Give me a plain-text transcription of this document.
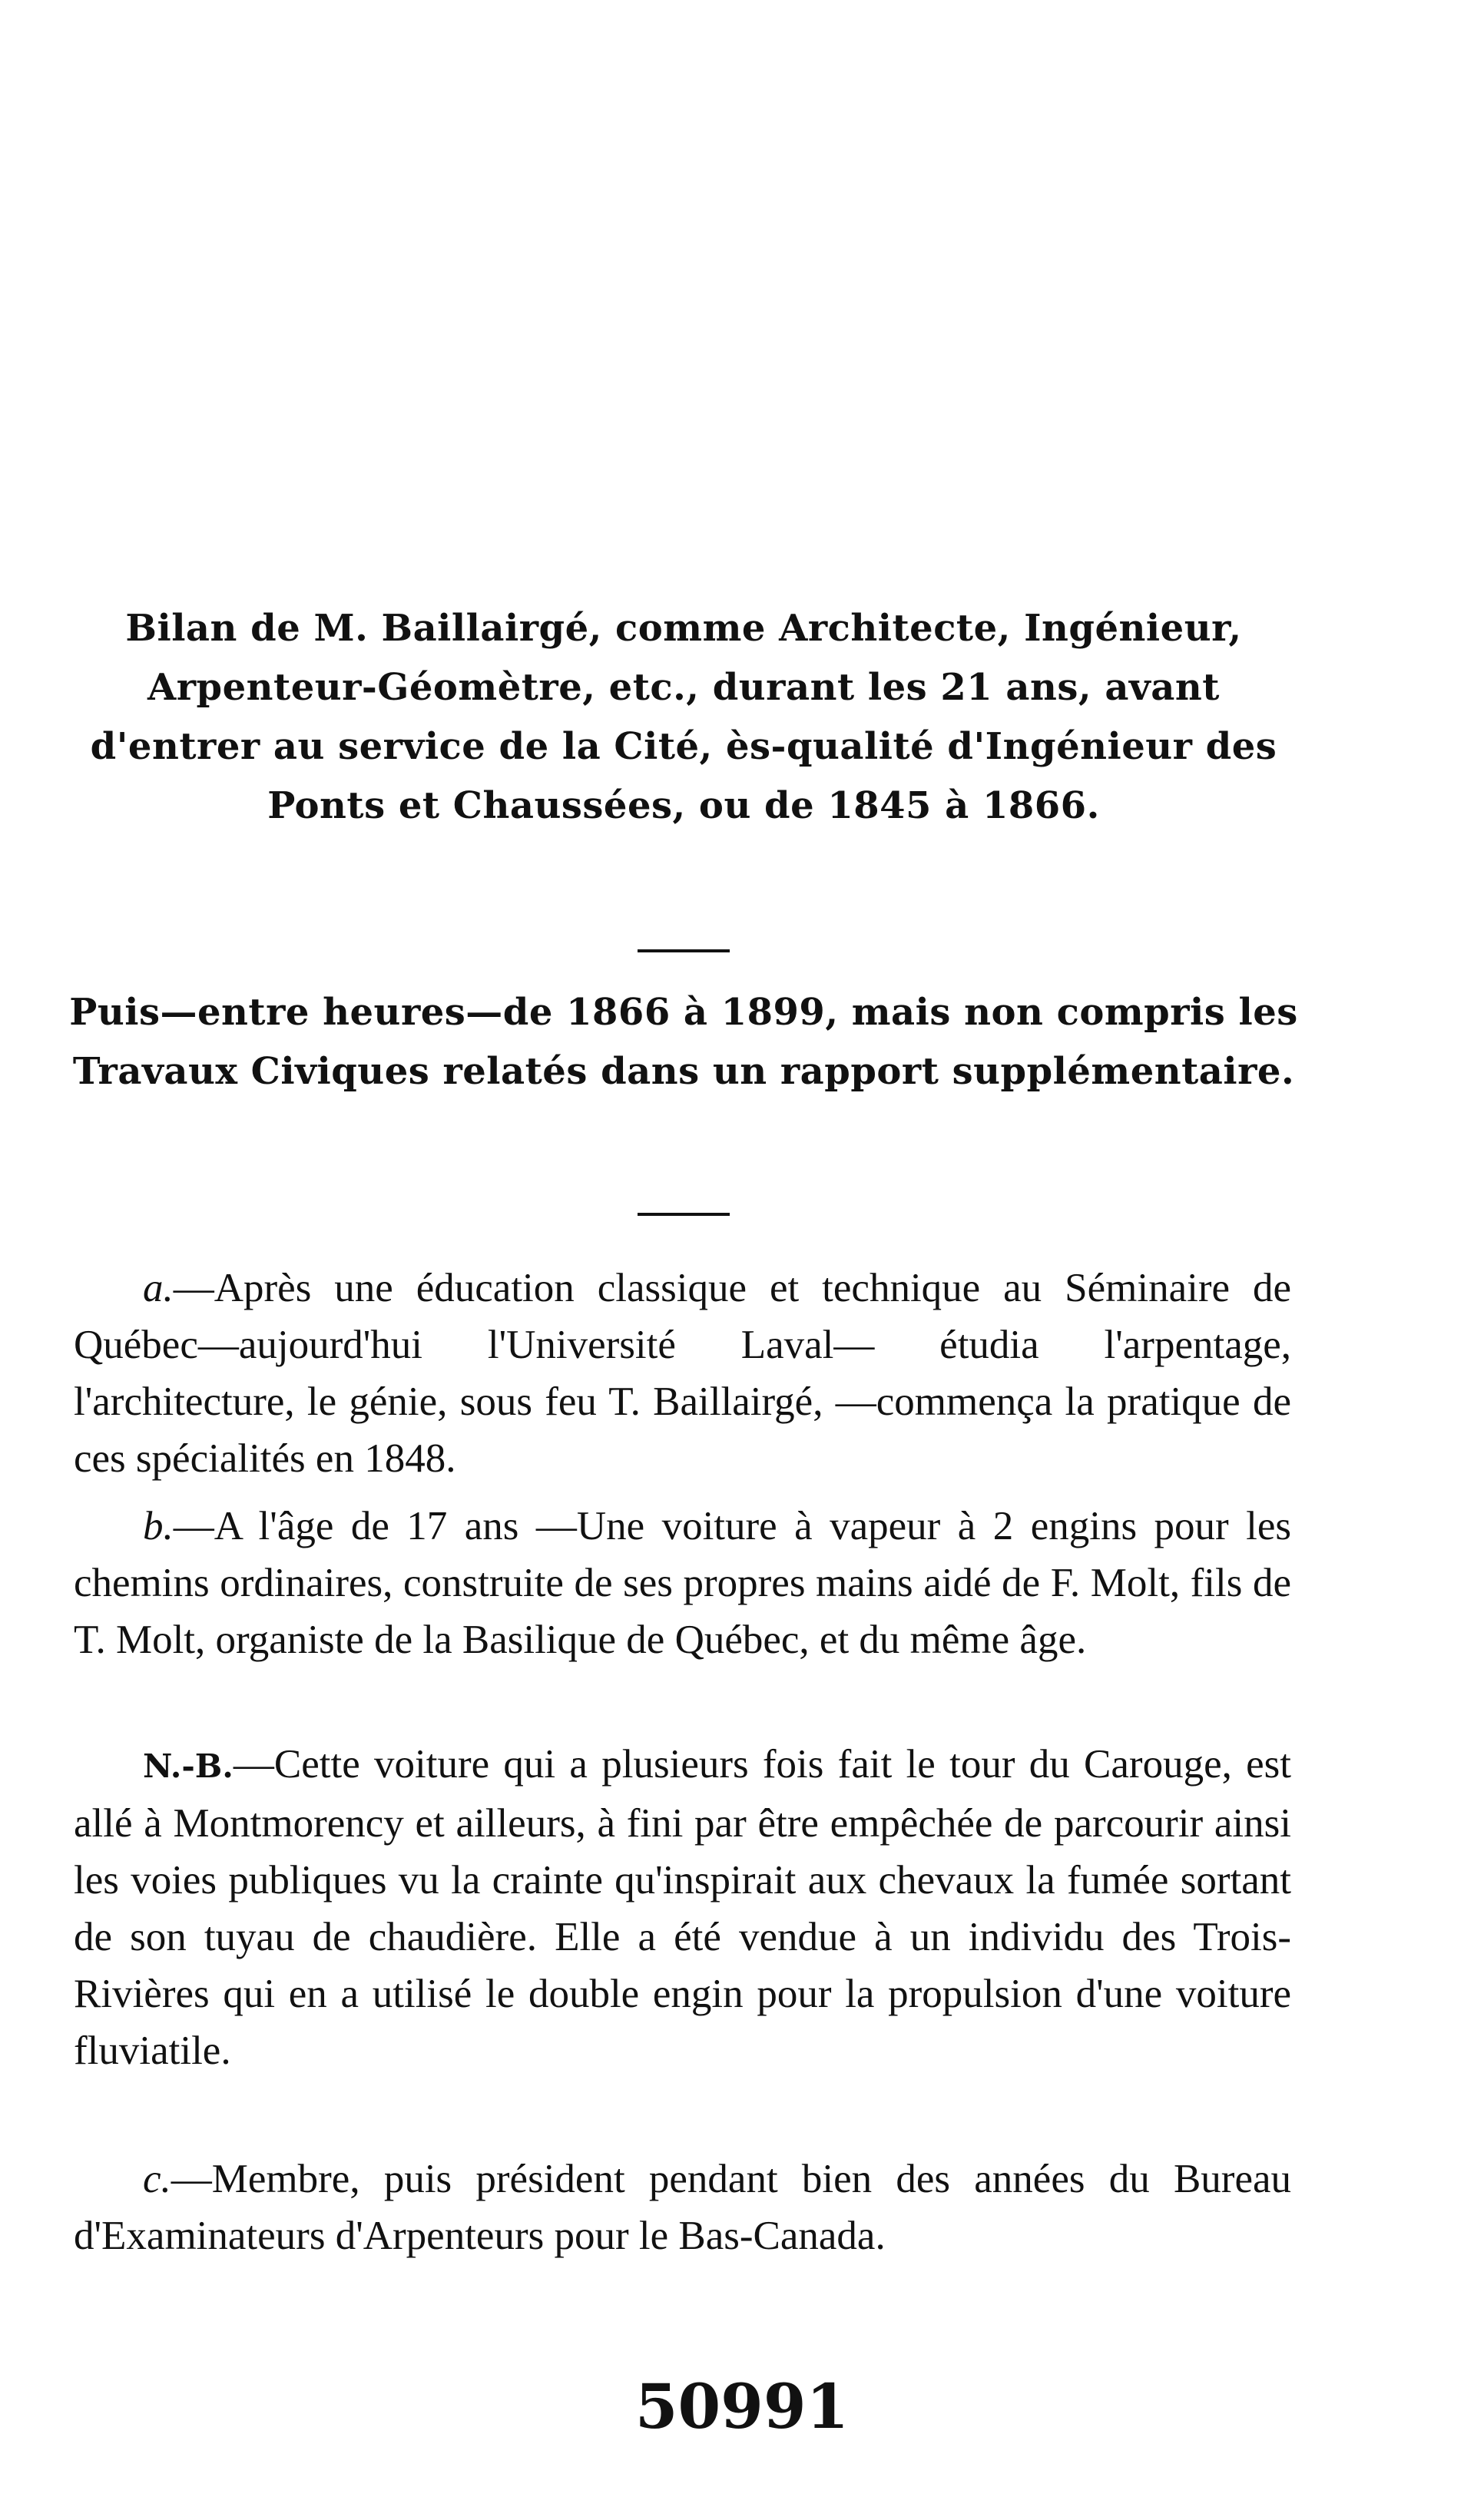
Bilan de M. Baillairgé, comme Architecte, Ingénieur, Arpenteur-Géomètre, etc., durant les 21 ans, avant d'entrer au service de la Cité, ès-qualité d'Ingénieur des Ponts et Chaussées, ou de 1845 à 1866.

Puis—entre heures—de 1866 à 1899, mais non compris les Travaux Civiques relatés dans un rapport supplémentaire.

a.—Après une éducation classique et technique au Séminaire de Québec—aujourd'hui l'Université Laval— étudia l'arpentage, l'architecture, le génie, sous feu T. Baillairgé, —commença la pratique de ces spécialités en 1848.

b.—A l'âge de 17 ans —Une voiture à vapeur à 2 engins pour les chemins ordinaires, construite de ses propres mains aidé de F. Molt, fils de T. Molt, organiste de la Basilique de Québec, et du même âge.

N.-B.—Cette voiture qui a plusieurs fois fait le tour du Carouge, est allé à Montmorency et ailleurs, à fini par être empêchée de parcourir ainsi les voies publiques vu la crainte qu'inspirait aux chevaux la fumée sortant de son tuyau de chaudière. Elle a été vendue à un individu des Trois-Rivières qui en a utilisé le double engin pour la propulsion d'une voiture fluviatile.

c.—Membre, puis président pendant bien des années du Bureau d'Examinateurs d'Arpenteurs pour le Bas-Canada.

50991
